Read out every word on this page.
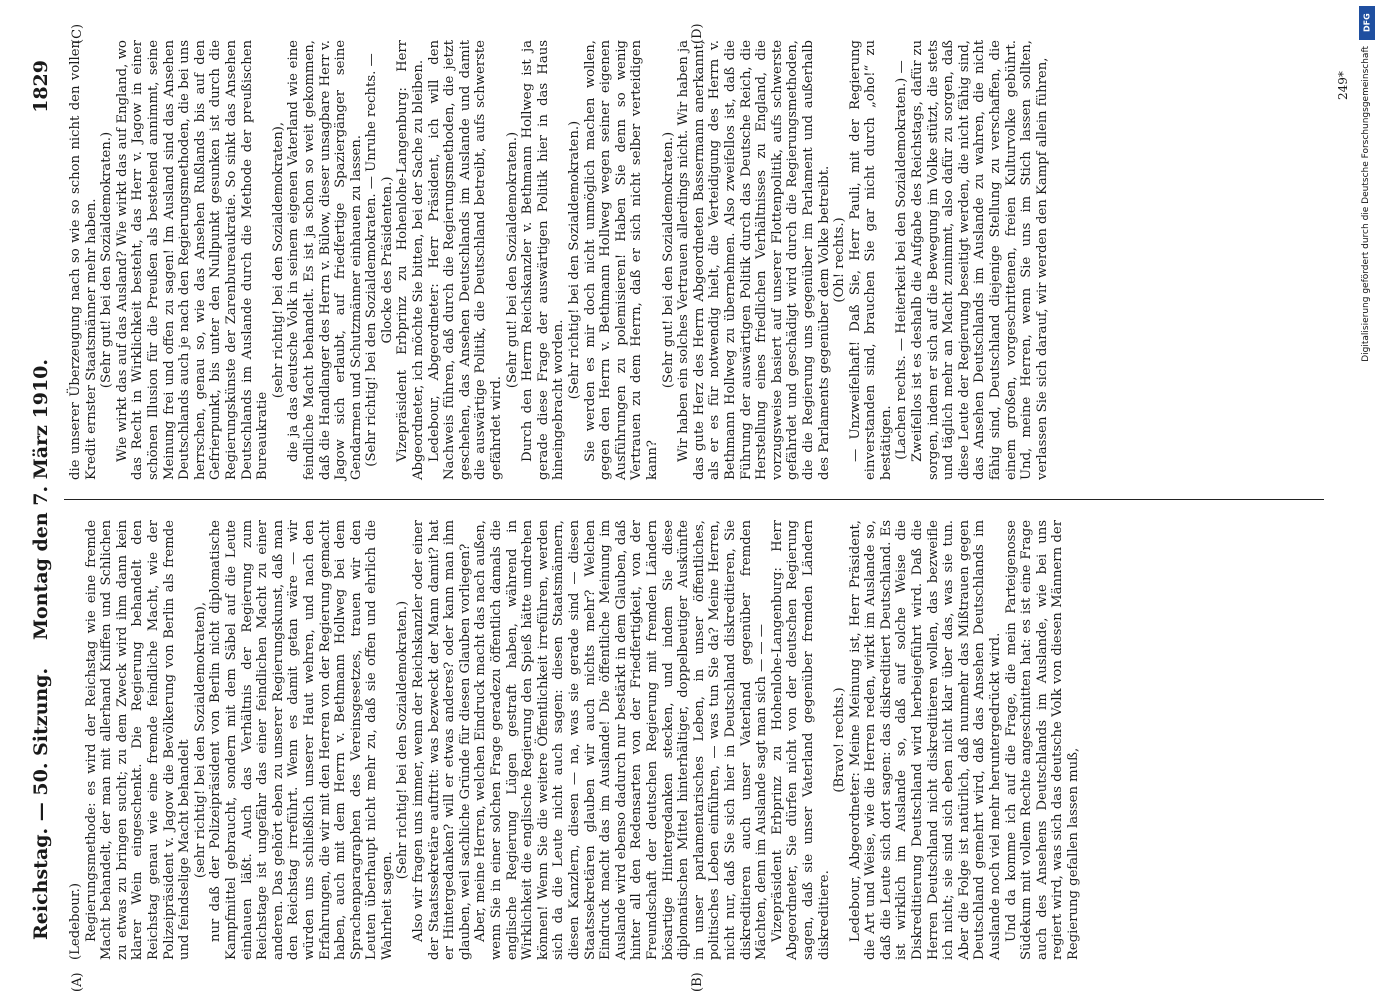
Reichstag. — 50. Sitzung.
Montag den 7. März 1910.
1829
(A)	(B)
(C)	(D)

(Ledebour.) Regierungsmethode: es wird der Reichstag wie eine fremde Macht behandelt, der man mit allerhand Kniffen und Schlichen zu etwas zu bringen sucht; zu dem Zweck wird ihm dann kein klarer Wein eingeschenkt. Die Regierung behandelt den Reichstag genau wie eine fremde feindliche Macht, wie der Polizeipräsident v. Jagow die Bevölkerung von Berlin als fremde und feindselige Macht behandelt (sehr richtig! bei den Sozialdemokraten), nur daß der Polizeipräsident von Berlin nicht diplomatische Kampfmittel gebraucht, sondern mit dem Säbel auf die Leute einhauen läßt. Auch das Verhältnis der Regierung zum Reichstage ist ungefähr das einer feindlichen Macht zu einer anderen. Das gehört eben zu unserer Regierungskunst, daß man den Reichstag irreführt. Wenn es damit getan wäre — wir würden uns schließlich unserer Haut wehren, und nach den Erfahrungen, die wir mit den Herren von der Regierung gemacht haben, auch mit dem Herrn v. Bethmann Hollweg bei dem Sprachenparagraphen des Vereinsgesetzes, trauen wir den Leuten überhaupt nicht mehr zu, daß sie offen und ehrlich die Wahrheit sagen.

(Sehr richtig! bei den Sozialdemokraten.) Also wir fragen uns immer, wenn der Reichskanzler oder einer der Staatssekretäre auftritt: was bezweckt der Mann damit? hat er Hintergedanken? will er etwas anderes? oder kann man ihm glauben, weil sachliche Gründe für diesen Glauben vorliegen? Aber, meine Herren, welchen Eindruck macht das nach außen, wenn Sie in einer solchen Frage geradezu öffentlich damals die englische Regierung Lügen gestraft haben, während in Wirklichkeit die englische Regierung den Spieß hätte umdrehen können! Wenn Sie die weitere Öffentlichkeit irreführen, werden sich da die Leute nicht auch sagen: diesen Staatsmännern, diesen Kanzlern, diesen — na, was sie gerade sind — diesen Staatssekretären glauben wir auch nichts mehr? Welchen Eindruck macht das im Auslande! Die öffentliche Meinung im Auslande wird ebenso dadurch nur bestärkt in dem Glauben, daß hinter all den Redensarten von der Friedfertigkeit, von der Freundschaft der deutschen Regierung mit fremden Ländern bösartige Hintergedanken stecken, und indem Sie diese diplomatischen Mittel hinterhältiger, doppelbeutiger Auskünfte in unser parlamentarisches Leben, in unser öffentliches, politisches Leben einführen, — was tun Sie da? Meine Herren, nicht nur, daß Sie sich hier in Deutschland diskreditieren, Sie diskreditieren auch unser Vaterland gegenüber fremden Mächten, denn im Auslande sagt man sich — — — Vizepräsident Erbprinz zu Hohenlohe-Langenburg: Herr Abgeordneter, Sie dürfen nicht von der deutschen Regierung sagen, daß sie unser Vaterland gegenüber fremden Ländern diskreditiere.

(Bravo! rechts.) Ledebour, Abgeordneter: Meine Meinung ist, Herr Präsident, die Art und Weise, wie die Herren reden, wirkt im Auslande so, daß die Leute sich dort sagen: das diskreditiert Deutschland. Es ist wirklich im Auslande so, daß auf solche Weise die Diskreditierung Deutschland wird herbeigeführt wird. Daß die Herren Deutschland nicht diskreditieren wollen, das bezweifle ich nicht; sie sind sich eben nicht klar über das, was sie tun. Aber die Folge ist natürlich, daß nunmehr das Mißtrauen gegen Deutschland gemehrt wird, daß das Ansehen Deutschlands im Auslande noch viel mehr heruntergedrückt wird. Und da komme ich auf die Frage, die mein Parteigenosse Südekum mit vollem Rechte angeschnitten hat: es ist eine Frage auch des Ansehens Deutschlands im Auslande, wie bei uns regiert wird, was sich das deutsche Volk von diesen Männern der Regierung gefallen lassen muß,

die unserer Überzeugung nach so wie so schon nicht den vollen Kredit ernster Staatsmänner mehr haben. (Sehr gut! bei den Sozialdemokraten.) Wie wirkt das auf das Ausland? Wie wirkt das auf England, wo das Recht in Wirklichkeit besteht, das Herr v. Jagow in einer schönen Illusion für die Preußen als bestehend annimmt, seine Meinung frei und offen zu sagen! Im Ausland sind das Ansehen Deutschlands auch je nach den Regierungsmethoden, die bei uns herrschen, genau so, wie das Ansehen Rußlands bis auf den Gefrierpunkt, bis unter den Nullpunkt gesunken ist durch die Regierungskünste der Zarenbureaukratie. So sinkt das Ansehen Deutschlands im Auslande durch die Methode der preußischen Bureaukratie

(sehr richtig! bei den Sozialdemokraten), die ja das deutsche Volk in seinem eigenen Vaterland wie eine feindliche Macht behandelt. Es ist ja schon so weit gekommen, daß die Handlanger des Herrn v. Bülow, dieser unsagbare Herr v. Jagow sich erlaubt, auf friedfertige Spaziergänger seine Gendarmen und Schutzmänner einhauen zu lassen. (Sehr richtig! bei den Sozialdemokraten. — Unruhe rechts. — Glocke des Präsidenten.) Vizepräsident Erbprinz zu Hohenlohe-Langenburg: Herr Abgeordneter, ich möchte Sie bitten, bei der Sache zu bleiben. Ledebour, Abgeordneter: Herr Präsident, ich will den Nachweis führen, daß durch die Regierungsmethoden, die jetzt geschehen, das Ansehen Deutschlands im Auslande und damit die auswärtige Politik, die Deutschland betreibt, aufs schwerste gefährdet wird.

(Sehr gut! bei den Sozialdemokraten.) Durch den Herrn Reichskanzler v. Bethmann Hollweg ist ja gerade diese Frage der auswärtigen Politik hier in das Haus hineingebracht worden.

(Sehr richtig! bei den Sozialdemokraten.) Sie werden es mir doch nicht unmöglich machen wollen, gegen den Herrn v. Bethmann Hollweg wegen seiner eigenen Ausführungen zu polemisieren! Haben Sie denn so wenig Vertrauen zu dem Herrn, daß er sich nicht selber verteidigen kann?

(Sehr gut! bei den Sozialdemokraten.) Wir haben ein solches Vertrauen allerdings nicht. Wir haben ja das gute Herz des Herrn Abgeordneten Bassermann anerkannt, als er es für notwendig hielt, die Verteidigung des Herrn v. Bethmann Hollweg zu übernehmen. Also zweifellos ist, daß die Führung der auswärtigen Politik durch das Deutsche Reich, die Herstellung eines friedlichen Verhältnisses zu England, die vorzugsweise basiert auf unserer Flottenpolitik, aufs schwerste gefährdet und geschädigt wird durch die Regierungsmethoden, die die Regierung uns gegenüber im Parlament und außerhalb des Parlaments gegenüber dem Volke betreibt. (Oh! rechts.) — Unzweifelhaft! Daß Sie, Herr Pauli, mit der Regierung einverstanden sind, brauchen Sie gar nicht durch „oho!“ zu bestätigen. (Lachen rechts. — Heiterkeit bei den Sozialdemokraten.) — Zweifellos ist es deshalb die Aufgabe des Reichstags, dafür zu sorgen, indem er sich auf die Bewegung im Volke stützt, die stets und täglich mehr an Macht zunimmt, also dafür zu sorgen, daß diese Leute der Regierung beseitigt werden, die nicht fähig sind, das Ansehen Deutschlands im Auslande zu wahren, die nicht fähig sind, Deutschland diejenige Stellung zu verschaffen, die einem großen, vorgeschrittenen, freien Kulturvolke gebührt. Und, meine Herren, wenn Sie uns im Stich lassen sollten, verlassen Sie sich darauf, wir werden den Kampf allein führen,	249*
DFG
Digitalisierung gefördert durch die Deutsche Forschungsgemeinschaft
